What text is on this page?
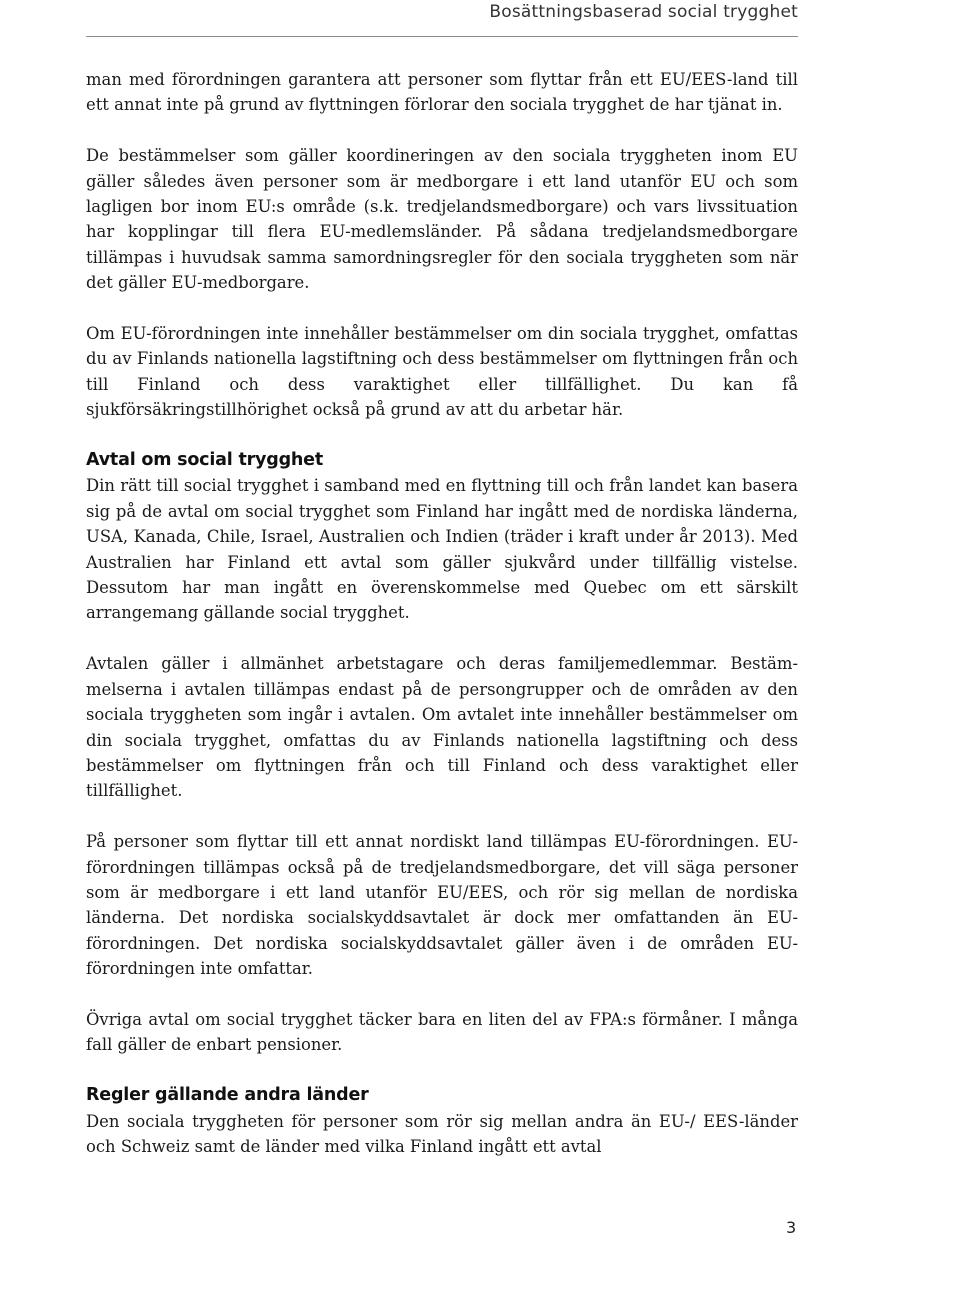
Bosättningsbaserad social trygghet

man med förordningen garantera att personer som flyttar från ett EU/EES-land till ett annat inte på grund av flyttningen förlorar den sociala trygghet de har tjänat in.

De bestämmelser som gäller koordineringen av den sociala tryggheten inom EU gäller således även personer som är medborgare i ett land utanför EU och som lagligen bor inom EU:s område (s.k. tredjelandsmedborgare) och vars livssituation har kopplingar till flera EU-medlemsländer. På sådana tredjelandsmedborgare tillämpas i huvudsak samma samordningsregler för den sociala tryggheten som när det gäller EU-medborgare.

Om EU-förordningen inte innehåller bestämmelser om din sociala trygghet, omfattas du av Finlands nationella lagstiftning och dess bestämmelser om flyttningen från och till Finland och dess varaktighet eller tillfällighet. Du kan få sjukförsäkringstillhörighet också på grund av att du arbetar här.

Avtal om social trygghet

Din rätt till social trygghet i samband med en flyttning till och från landet kan basera sig på de avtal om social trygghet som Finland har ingått med de nordiska länderna, USA, Kanada, Chile, Israel, Australien och Indien (träder i kraft under år 2013). Med Australien har Finland ett avtal som gäller sjukvård under tillfällig vistelse. Dessutom har man ingått en överenskommelse med Quebec om ett särskilt arrangemang gällande social trygghet.

Avtalen gäller i allmänhet arbetstagare och deras familjemedlemmar. Bestämmelserna i avtalen tillämpas endast på de persongrupper och de områden av den sociala tryggheten som ingår i avtalen. Om avtalet inte innehåller bestämmelser om din sociala trygghet, omfattas du av Finlands nationella lagstiftning och dess bestämmelser om flyttningen från och till Finland och dess varaktighet eller tillfällighet.

På personer som flyttar till ett annat nordiskt land tillämpas EU-förordningen. EU-förordningen tillämpas också på de tredjelandsmedborgare, det vill säga personer som är medborgare i ett land utanför EU/EES, och rör sig mellan de nordiska länderna. Det nordiska socialskyddsavtalet är dock mer omfattanden än EU-förordningen. Det nordiska socialskyddsavtalet gäller även i de områden EU-förordningen inte omfattar.

Övriga avtal om social trygghet täcker bara en liten del av FPA:s förmåner. I många fall gäller de enbart pensioner.

Regler gällande andra länder

Den sociala tryggheten för personer som rör sig mellan andra än EU-/ EES-länder och Schweiz samt de länder med vilka Finland ingått ett avtal

3
